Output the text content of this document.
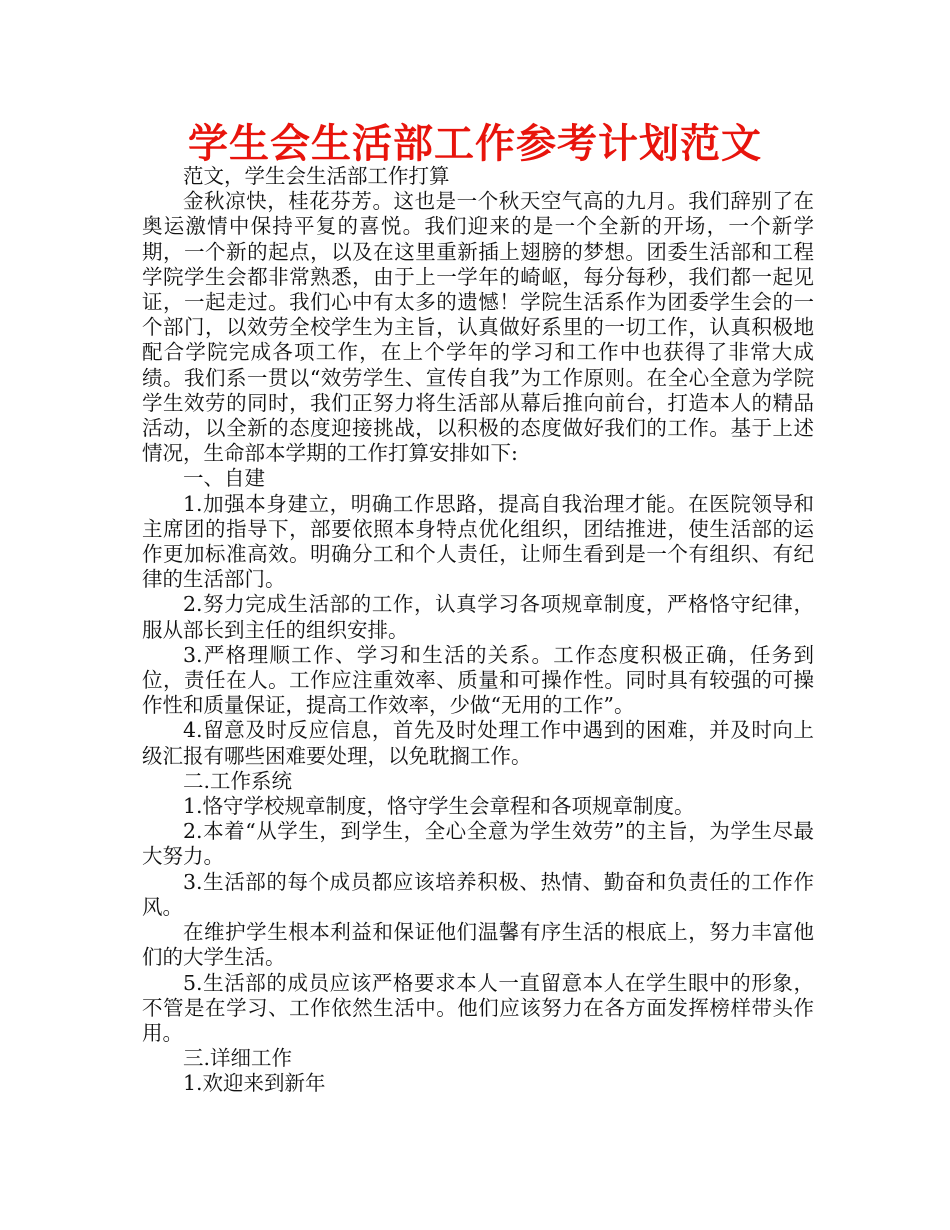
学生会生活部工作参考计划范文

范文，学生会生活部工作打算

金秋凉快，桂花芬芳。这也是一个秋天空气高的九月。我们辞别了在奥运激情中保持平复的喜悦。我们迎来的是一个全新的开场，一个新学期，一个新的起点，以及在这里重新插上翅膀的梦想。团委生活部和工程学院学生会都非常熟悉，由于上一学年的崎岖，每分每秒，我们都一起见证，一起走过。我们心中有太多的遗憾！学院生活系作为团委学生会的一个部门，以效劳全校学生为主旨，认真做好系里的一切工作，认真积极地配合学院完成各项工作，在上个学年的学习和工作中也获得了非常大成绩。我们系一贯以“效劳学生、宣传自我”为工作原则。在全心全意为学院学生效劳的同时，我们正努力将生活部从幕后推向前台，打造本人的精品活动，以全新的态度迎接挑战，以积极的态度做好我们的工作。基于上述情况，生命部本学期的工作打算安排如下:

一、自建

1.加强本身建立，明确工作思路，提高自我治理才能。在医院领导和主席团的指导下，部要依照本身特点优化组织，团结推进，使生活部的运作更加标准高效。明确分工和个人责任，让师生看到是一个有组织、有纪律的生活部门。

2.努力完成生活部的工作，认真学习各项规章制度，严格恪守纪律，服从部长到主任的组织安排。

3.严格理顺工作、学习和生活的关系。工作态度积极正确，任务到位，责任在人。工作应注重效率、质量和可操作性。同时具有较强的可操作性和质量保证，提高工作效率，少做“无用的工作”。

4.留意及时反应信息，首先及时处理工作中遇到的困难，并及时向上级汇报有哪些困难要处理，以免耽搁工作。

二.工作系统

1.恪守学校规章制度，恪守学生会章程和各项规章制度。

2.本着“从学生，到学生，全心全意为学生效劳”的主旨，为学生尽最大努力。

3.生活部的每个成员都应该培养积极、热情、勤奋和负责任的工作作风。

在维护学生根本利益和保证他们温馨有序生活的根底上，努力丰富他们的大学生活。

5.生活部的成员应该严格要求本人一直留意本人在学生眼中的形象，不管是在学习、工作依然生活中。他们应该努力在各方面发挥榜样带头作用。

三.详细工作

1.欢迎来到新年
